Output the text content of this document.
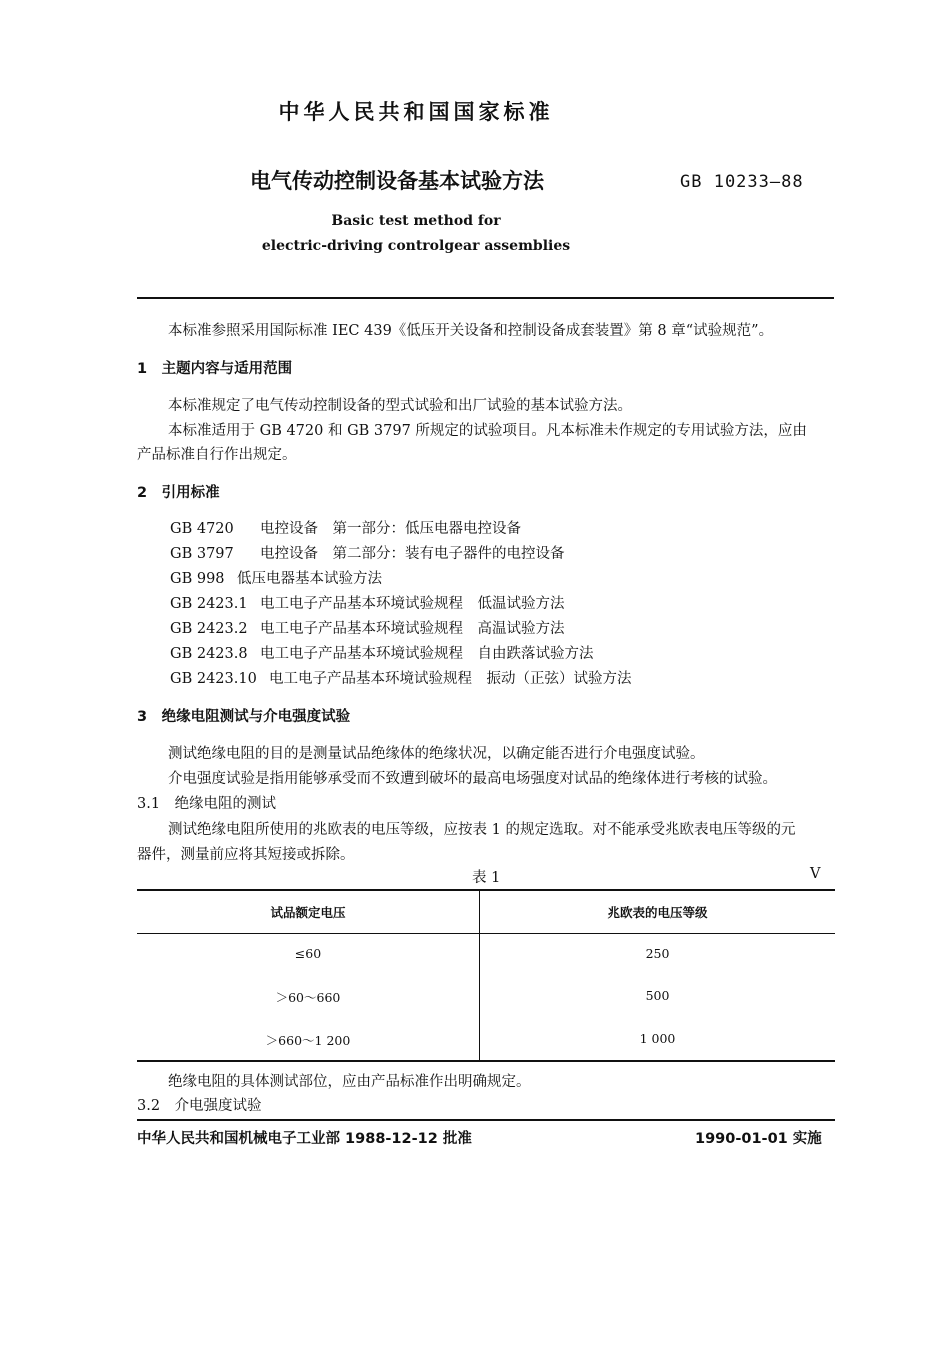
中华人民共和国国家标准
电气传动控制设备基本试验方法	GB 10233—88
Basic test method for
electric-driving controlgear assemblies
本标准参照采用国际标准 IEC 439《低压开关设备和控制设备成套装置》第 8 章“试验规范”。
1　 主题内容与适用范围
本标准规定了电气传动控制设备的型式试验和出厂试验的基本试验方法。
本标准适用于 GB 4720 和 GB 3797 所规定的试验项目。凡本标准未作规定的专用试验方法，应由
产品标准自行作出规定。
2　 引用标准
GB 4720 电控设备　第一部分：低压电器电控设备
GB 3797 电控设备　第二部分：装有电子器件的电控设备
GB 998 低压电器基本试验方法
GB 2423.1 电工电子产品基本环境试验规程　低温试验方法
GB 2423.2 电工电子产品基本环境试验规程　高温试验方法
GB 2423.8 电工电子产品基本环境试验规程　自由跌落试验方法
GB 2423.10 电工电子产品基本环境试验规程　振动（正弦）试验方法
3　 绝缘电阻测试与介电强度试验
测试绝缘电阻的目的是测量试品绝缘体的绝缘状况，以确定能否进行介电强度试验。
介电强度试验是指用能够承受而不致遭到破坏的最高电场强度对试品的绝缘体进行考核的试验。
3.1　 绝缘电阻的测试
测试绝缘电阻所使用的兆欧表的电压等级，应按表 1 的规定选取。对不能承受兆欧表电压等级的元
器件，测量前应将其短接或拆除。
表 1	V
试品额定电压	兆欧表的电压等级
≤60	250
＞60～660	500
＞660～1 200	1 000
绝缘电阻的具体测试部位，应由产品标准作出明确规定。
3.2　 介电强度试验
中华人民共和国机械电子工业部 1988-12-12 批准	1990-01-01 实施
